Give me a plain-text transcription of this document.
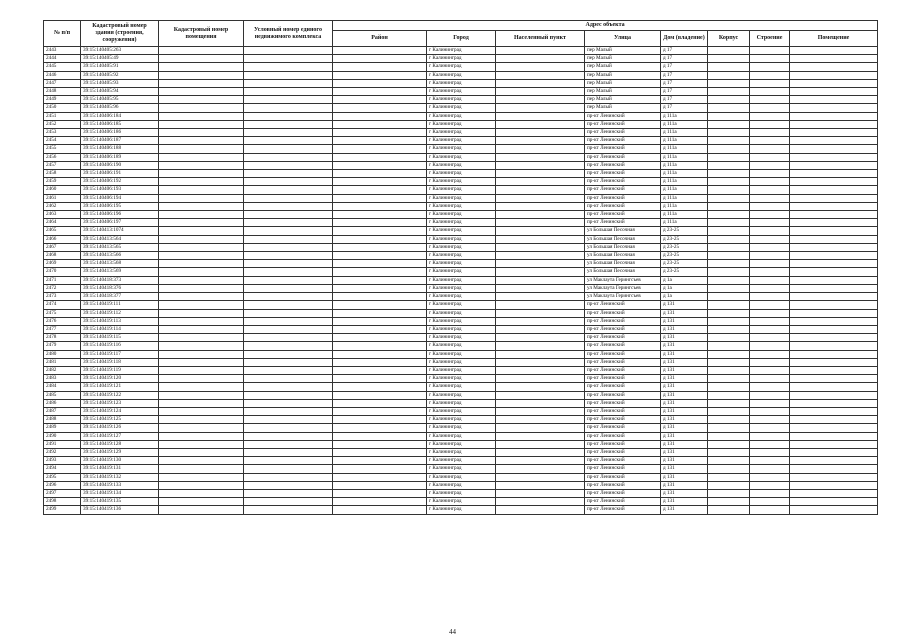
№ п/п	Кадастровый номер здания (строения, сооружения)	Кадастровый номер помещения	Условный номер единого недвижимого комплекса	Адрес объекта							
				Район	Город	Населенный пункт	Улица	Дом (владение)	Корпус	Строение	Помещение
2443	39:15:140405:263				г Калининград		пер Малый	д 17			
2444	39:15:140405:49				г Калининград		пер Малый	д 17			
2445	39:15:140405:91				г Калининград		пер Малый	д 17			
2446	39:15:140405:92				г Калининград		пер Малый	д 17			
2447	39:15:140405:93				г Калининград		пер Малый	д 17			
2448	39:15:140405:94				г Калининград		пер Малый	д 17			
2449	39:15:140405:95				г Калининград		пер Малый	д 17			
2450	39:15:140405:96				г Калининград		пер Малый	д 17			
2451	39:15:140406:184				г Калининград		пр-кт Ленинский	д 111а			
2452	39:15:140406:185				г Калининград		пр-кт Ленинский	д 111а			
2453	39:15:140406:186				г Калининград		пр-кт Ленинский	д 111а			
2454	39:15:140406:187				г Калининград		пр-кт Ленинский	д 111а			
2455	39:15:140406:188				г Калининград		пр-кт Ленинский	д 111а			
2456	39:15:140406:189				г Калининград		пр-кт Ленинский	д 111а			
2457	39:15:140406:190				г Калининград		пр-кт Ленинский	д 111а			
2458	39:15:140406:191				г Калининград		пр-кт Ленинский	д 111а			
2459	39:15:140406:192				г Калининград		пр-кт Ленинский	д 111а			
2460	39:15:140406:193				г Калининград		пр-кт Ленинский	д 111а			
2461	39:15:140406:194				г Калининград		пр-кт Ленинский	д 111а			
2462	39:15:140406:195				г Калининград		пр-кт Ленинский	д 111а			
2463	39:15:140406:196				г Калининград		пр-кт Ленинский	д 111а			
2464	39:15:140406:197				г Калининград		пр-кт Ленинский	д 111а			
2465	39:15:140413:1074				г Калининград		ул Большая Песочная	д 23-25			
2466	39:15:140413:564				г Калининград		ул Большая Песочная	д 23-25			
2467	39:15:140413:565				г Калининград		ул Большая Песочная	д 23-25			
2468	39:15:140413:566				г Калининград		ул Большая Песочная	д 23-25			
2469	39:15:140413:568				г Калининград		ул Большая Песочная	д 23-25			
2470	39:15:140413:569				г Калининград		ул Большая Песочная	д 23-25			
2471	39:15:140418:373				г Калининград		ул Маклаута Герингсъев	д 1а			
2472	39:15:140418:376				г Калининград		ул Маклаута Герингсъев	д 1а			
2473	39:15:140418:377				г Калининград		ул Маклаута Герингсъев	д 1а			
2474	39:15:140419:111				г Калининград		пр-кт Ленинский	д 131			
2475	39:15:140419:112				г Калининград		пр-кт Ленинский	д 131			
2476	39:15:140419:113				г Калининград		пр-кт Ленинский	д 131			
2477	39:15:140419:114				г Калининград		пр-кт Ленинский	д 131			
2478	39:15:140419:115				г Калининград		пр-кт Ленинский	д 131			
2479	39:15:140419:116				г Калининград		пр-кт Ленинский	д 131			
2480	39:15:140419:117				г Калининград		пр-кт Ленинский	д 131			
2481	39:15:140419:118				г Калининград		пр-кт Ленинский	д 131			
2482	39:15:140419:119				г Калининград		пр-кт Ленинский	д 131			
2483	39:15:140419:120				г Калининград		пр-кт Ленинский	д 131			
2484	39:15:140419:121				г Калининград		пр-кт Ленинский	д 131			
2485	39:15:140419:122				г Калининград		пр-кт Ленинский	д 131			
2486	39:15:140419:123				г Калининград		пр-кт Ленинский	д 131			
2487	39:15:140419:124				г Калининград		пр-кт Ленинский	д 131			
2488	39:15:140419:125				г Калининград		пр-кт Ленинский	д 131			
2489	39:15:140419:126				г Калининград		пр-кт Ленинский	д 131			
2490	39:15:140419:127				г Калининград		пр-кт Ленинский	д 131			
2491	39:15:140419:128				г Калининград		пр-кт Ленинский	д 131			
2492	39:15:140419:129				г Калининград		пр-кт Ленинский	д 131			
2493	39:15:140419:130				г Калининград		пр-кт Ленинский	д 131			
2494	39:15:140419:131				г Калининград		пр-кт Ленинский	д 131			
2495	39:15:140419:132				г Калининград		пр-кт Ленинский	д 131			
2496	39:15:140419:133				г Калининград		пр-кт Ленинский	д 131			
2497	39:15:140419:134				г Калининград		пр-кт Ленинский	д 131			
2498	39:15:140419:135				г Калининград		пр-кт Ленинский	д 131			
2499	39:15:140419:136				г Калининград		пр-кт Ленинский	д 131			
44
